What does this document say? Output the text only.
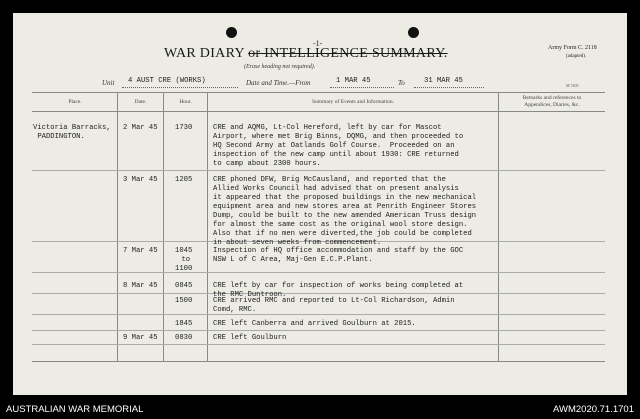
-1-
WAR DIARY or INTELLIGENCE SUMMARY.
(Erase heading not required).
Army Form C. 2118
(adapted).
M 7405
Unit 4 AUST CRE (WORKS)	Date and Time.—From	1 MAR 45	To	31 MAR 45
Place.	Date.	Hour.	Summary of Events and Information.
Remarks and references to
Appendices, Diaries, &c.
Victoria Barracks,
PADDINGTON.
2 Mar 45 1730	CRE and AQMG, Lt-Col Hereford, left by car for Mascot
Airport, where met Brig Binns, DQMG, and then proceeded to
HQ Second Army at Oatlands Golf Course.  Proceeded on an
inspection of the new camp until about 1930: CRE returned
to camp about 2300 hours.
3 Mar 45 1205	CRE phoned DFW, Brig McCausland, and reported that the
Allied Works Council had advised that on present analysis
it appeared that the proposed buildings in the new mechanical
equipment area and new stores area at Penrith Engineer Stores
Dump, could be built to the new amended American Truss design
for almost the same cost as the original wool store design.
Also that if no men were diverted,the job could be completed
in about seven weeks from commencement.
7 Mar 45 1045
to
1100
Inspection of HQ office accommodation and staff by the GOC
NSW L of C Area, Maj-Gen E.C.P.Plant.
8 Mar 45 0845	CRE left by car for inspection of works being completed at
the RMC Duntroon.
1500	CRE arrived RMC and reported to Lt-Col Richardson, Admin
Comd, RMC.
1845	CRE left Canberra and arrived Goulburn at 2015.
9 Mar 45 0830	CRE left Goulburn
AUSTRALIAN WAR MEMORIAL	AWM2020.71.1701
